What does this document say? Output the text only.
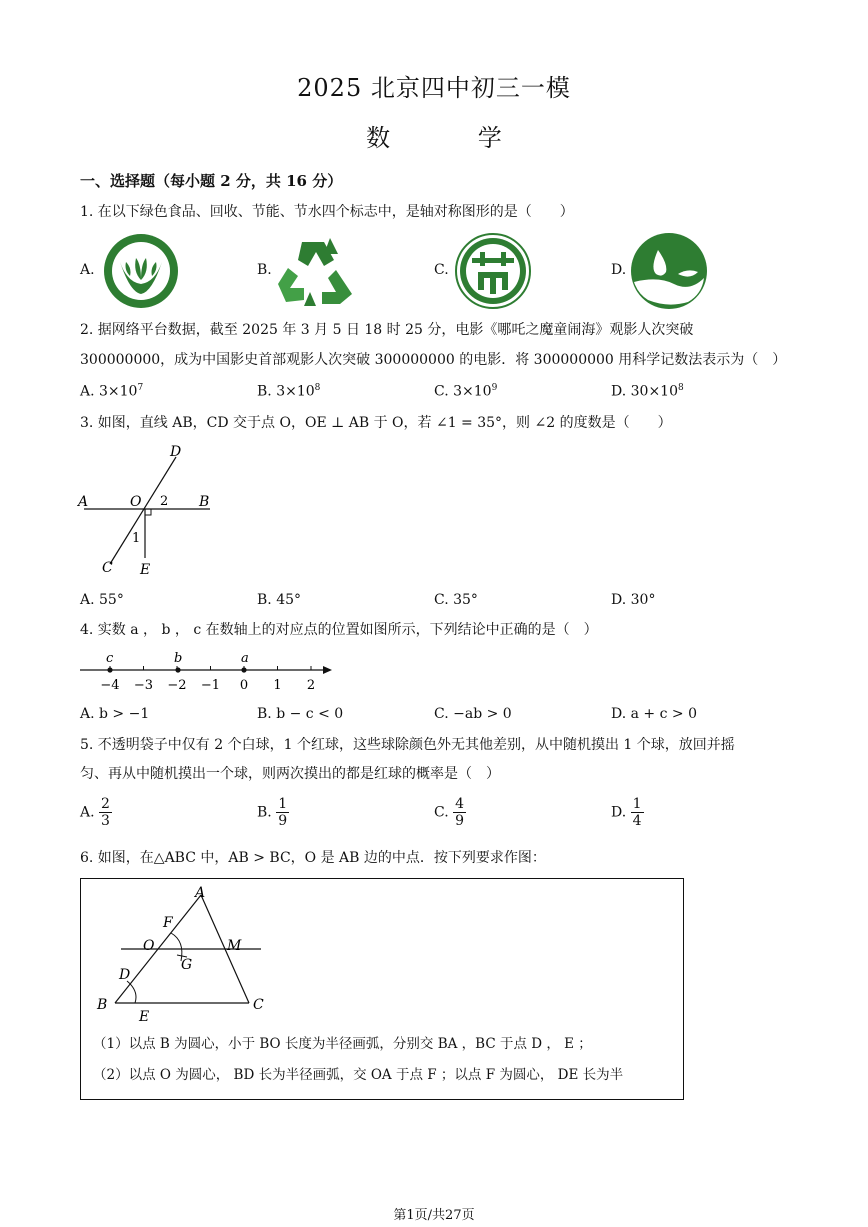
2025 北京四中初三一模
数 学
一、选择题（每小题 2 分，共 16 分）
1. 在以下绿色食品、回收、节能、节水四个标志中，是轴对称图形的是（　　）
A.	B.	C.	D.
2. 据网络平台数据，截至 2025 年 3 月 5 日 18 时 25 分，电影《哪吒之魔童闹海》观影人次突破
300000000，成为中国影史首部观影人次突破 300000000 的电影．将 300000000 用科学记数法表示为（　）
A. $3\times 10^7$	B. $3\times 10^8$	C. $3\times 10^9$	D. $30\times 10^8$
3. 如图，直线 AB，CD 交于点 O，OE ⊥ AB 于 O，若 ∠1 = 35°，则 ∠2 的度数是（　　）
D
A	O 2 B
1
C E
A. 55°	B. 45°	C. 35°	D. 30°
4. 实数 a ， b ， c 在数轴上的对应点的位置如图所示，下列结论中正确的是（　）
−4 −3 −2 −1 0 1 2
c	b	a
A. b > −1	B. b − c < 0	C. −ab > 0	D. a + c > 0
5. 不透明袋子中仅有 2 个白球，1 个红球，这些球除颜色外无其他差别，从中随机摸出 1 个球，放回并摇
匀、再从中随机摸出一个球，则两次摸出的都是红球的概率是（　）
A. $\frac{2}{3}$	B. $\frac{1}{9}$	C. $\frac{4}{9}$	D. $\frac{1}{4}$
6. 如图，在△ABC 中，AB > BC，O 是 AB 边的中点．按下列要求作图：
A
F
O	M
G
D
B
E
C
（1）以点 B 为圆心，小于 BO 长度为半径画弧，分别交 BA ，BC 于点 D ， E ；
（2）以点 O 为圆心， BD 长为半径画弧，交 OA 于点 F ；以点 F 为圆心， DE 长为半
第1页/共27页
